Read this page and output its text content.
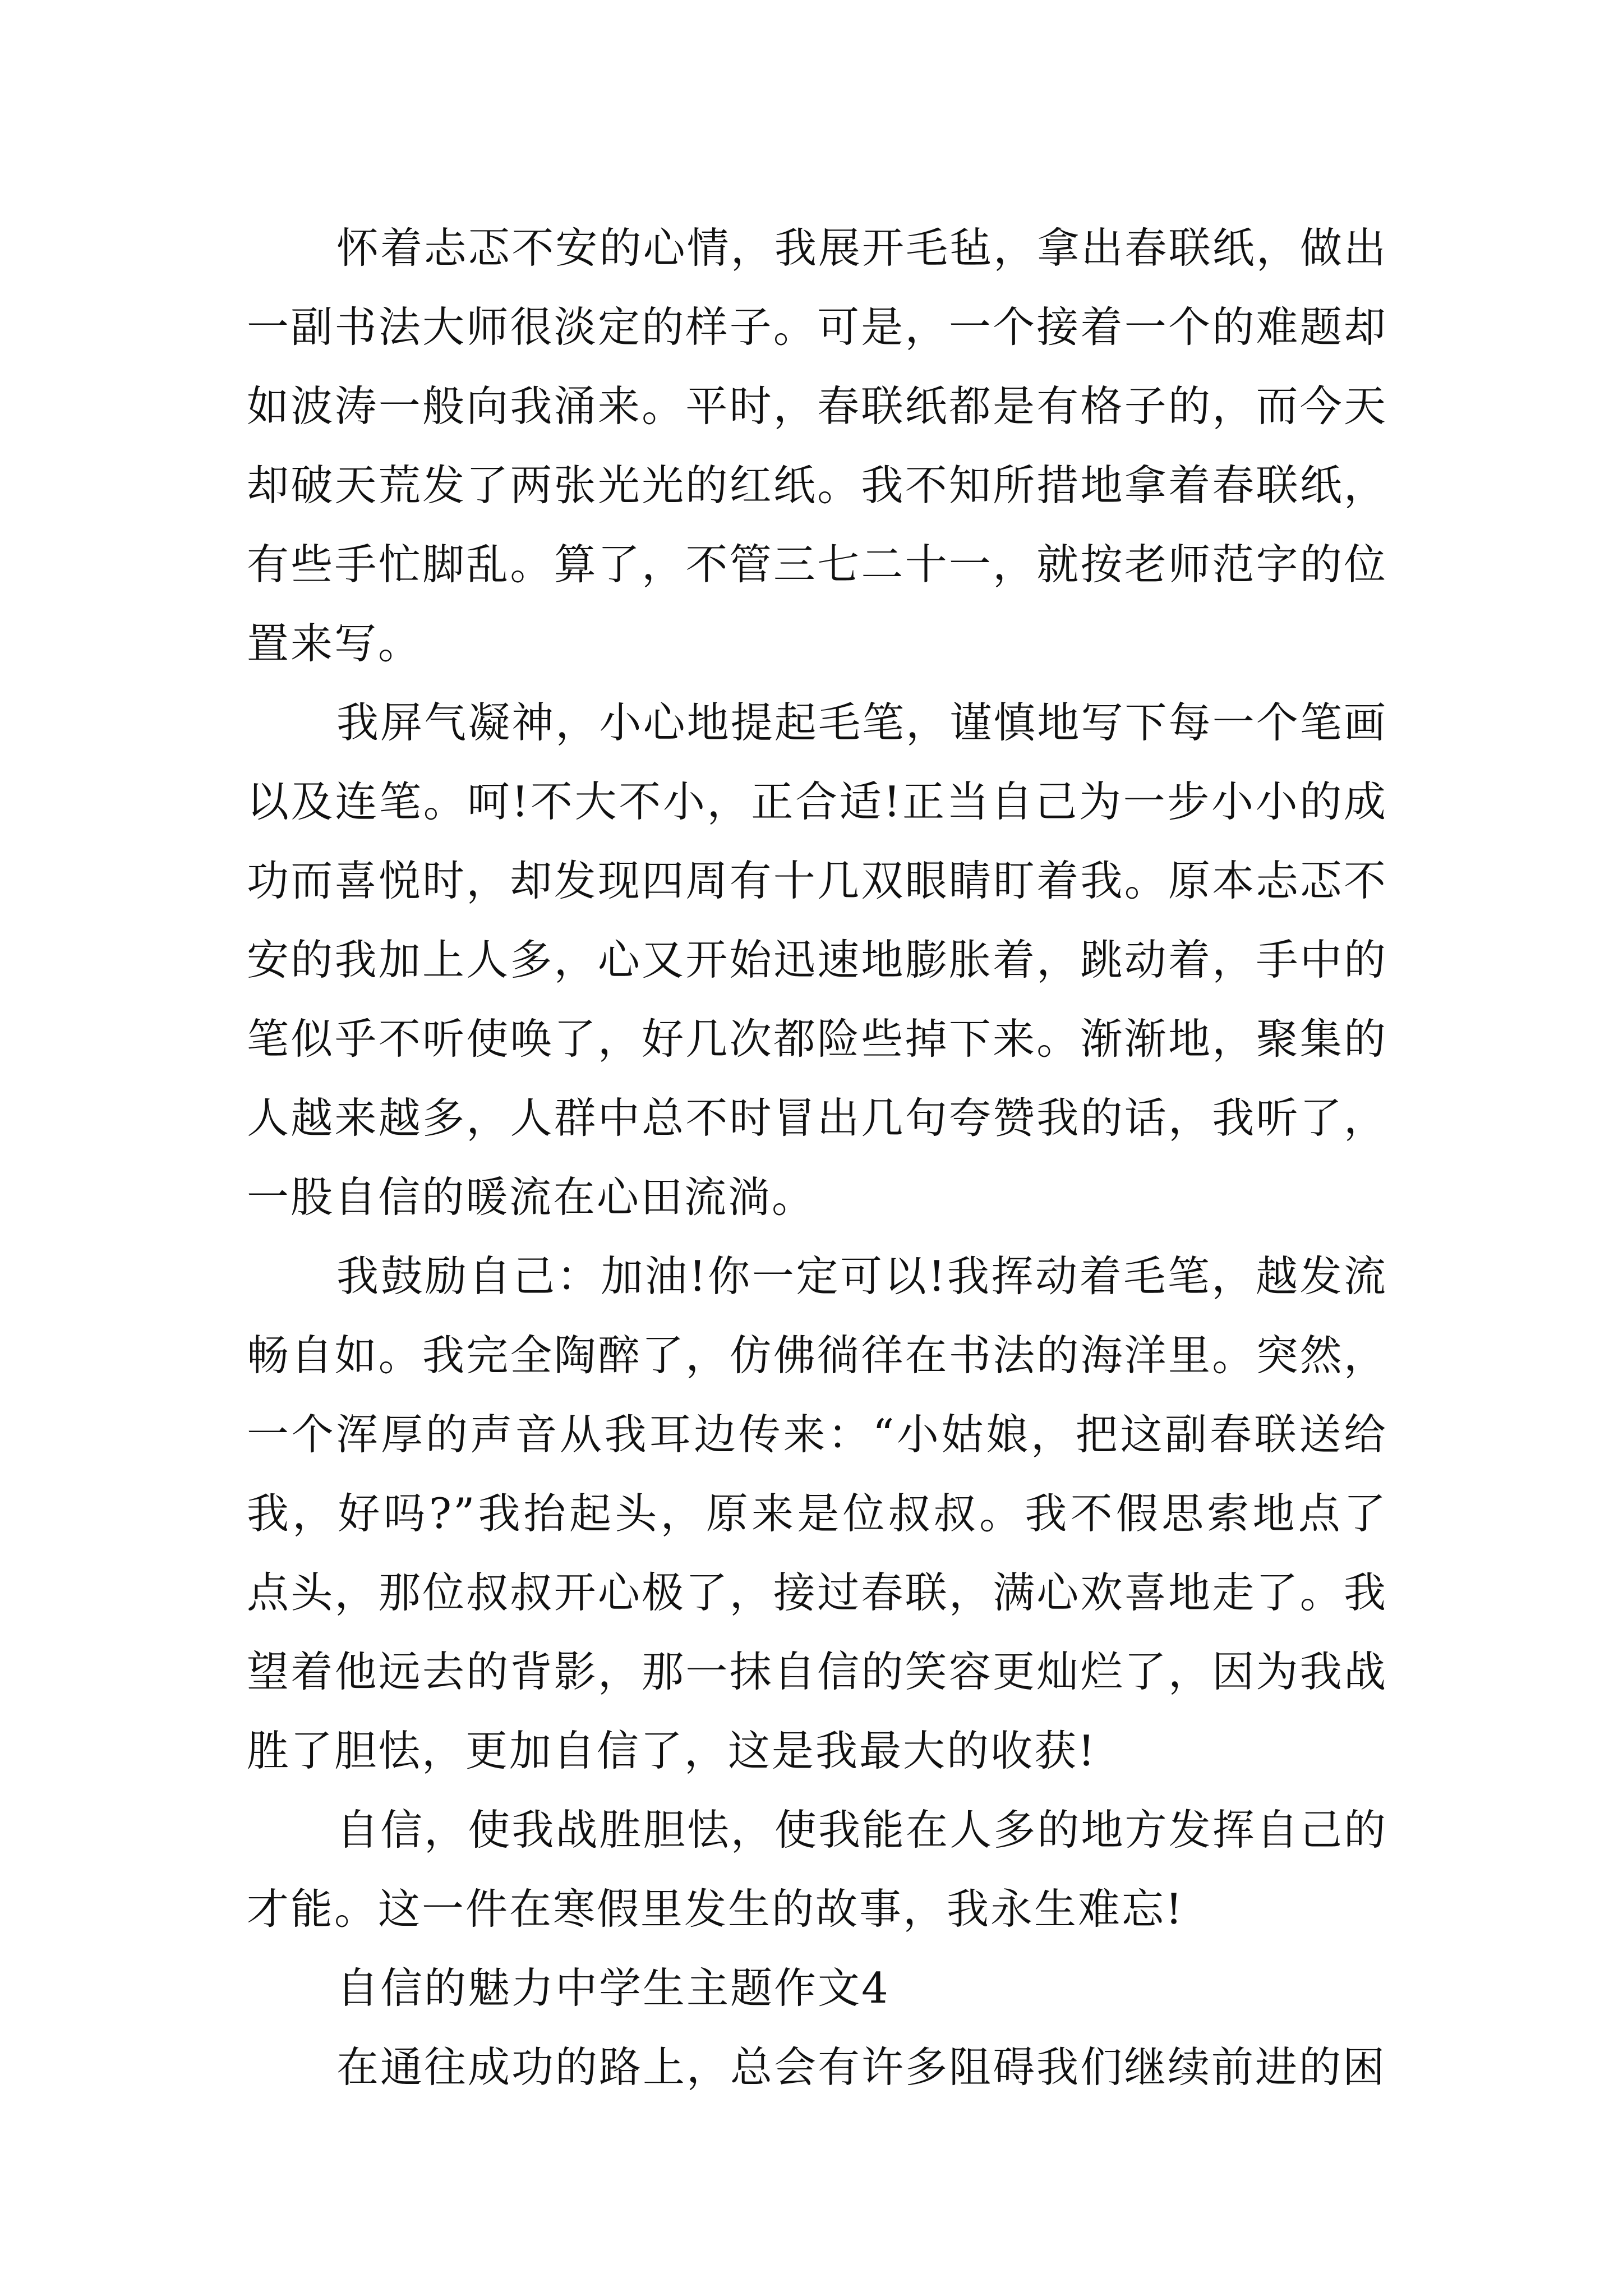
怀着忐忑不安的心情，我展开毛毡，拿出春联纸，做出一副书法大师很淡定的样子。可是，一个接着一个的难题却如波涛一般向我涌来。平时，春联纸都是有格子的，而今天却破天荒发了两张光光的红纸。我不知所措地拿着春联纸，有些手忙脚乱。算了，不管三七二十一，就按老师范字的位置来写。

我屏气凝神，小心地提起毛笔，谨慎地写下每一个笔画以及连笔。呵!不大不小，正合适!正当自己为一步小小的成功而喜悦时，却发现四周有十几双眼睛盯着我。原本忐忑不安的我加上人多，心又开始迅速地膨胀着，跳动着，手中的笔似乎不听使唤了，好几次都险些掉下来。渐渐地，聚集的人越来越多，人群中总不时冒出几句夸赞我的话，我听了，一股自信的暖流在心田流淌。

我鼓励自己：加油!你一定可以!我挥动着毛笔，越发流畅自如。我完全陶醉了，仿佛徜徉在书法的海洋里。突然，一个浑厚的声音从我耳边传来：“小姑娘，把这副春联送给我，好吗?”我抬起头，原来是位叔叔。我不假思索地点了点头，那位叔叔开心极了，接过春联，满心欢喜地走了。我望着他远去的背影，那一抹自信的笑容更灿烂了，因为我战胜了胆怯，更加自信了，这是我最大的收获!

自信，使我战胜胆怯，使我能在人多的地方发挥自己的才能。这一件在寒假里发生的故事，我永生难忘!

自信的魅力中学生主题作文4

在通往成功的路上，总会有许多阻碍我们继续前进的困
